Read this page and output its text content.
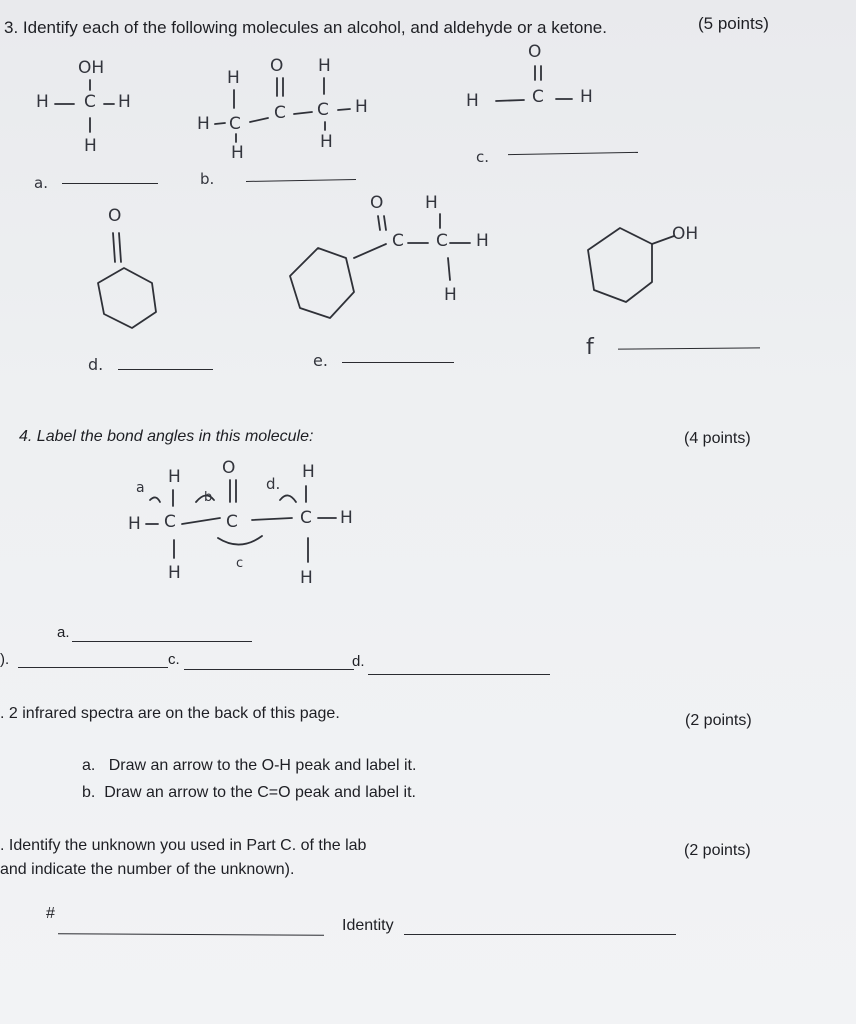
3. Identify each of the following molecules an alcohol, and aldehyde or a ketone.	(5 points)
OH
H C H
H
H
O H
H C
C C H
H
H
O
H	C H
a.	b.
c.
O H
C C H
H
O
OH
d.	e.
f
4. Label the bond angles in this molecule:	(4 points)
a
H O
b
d.
H
H C	C	C H
H	c
H
a.
).	c.	d.
. 2 infrared spectra are on the back of this page.	(2 points)
a. Draw an arrow to the O-H peak and label it.
b. Draw an arrow to the C=O peak and label it.
. Identify the unknown you used in Part C. of the lab
and indicate the number of the unknown).
(2 points)
#
Identity
